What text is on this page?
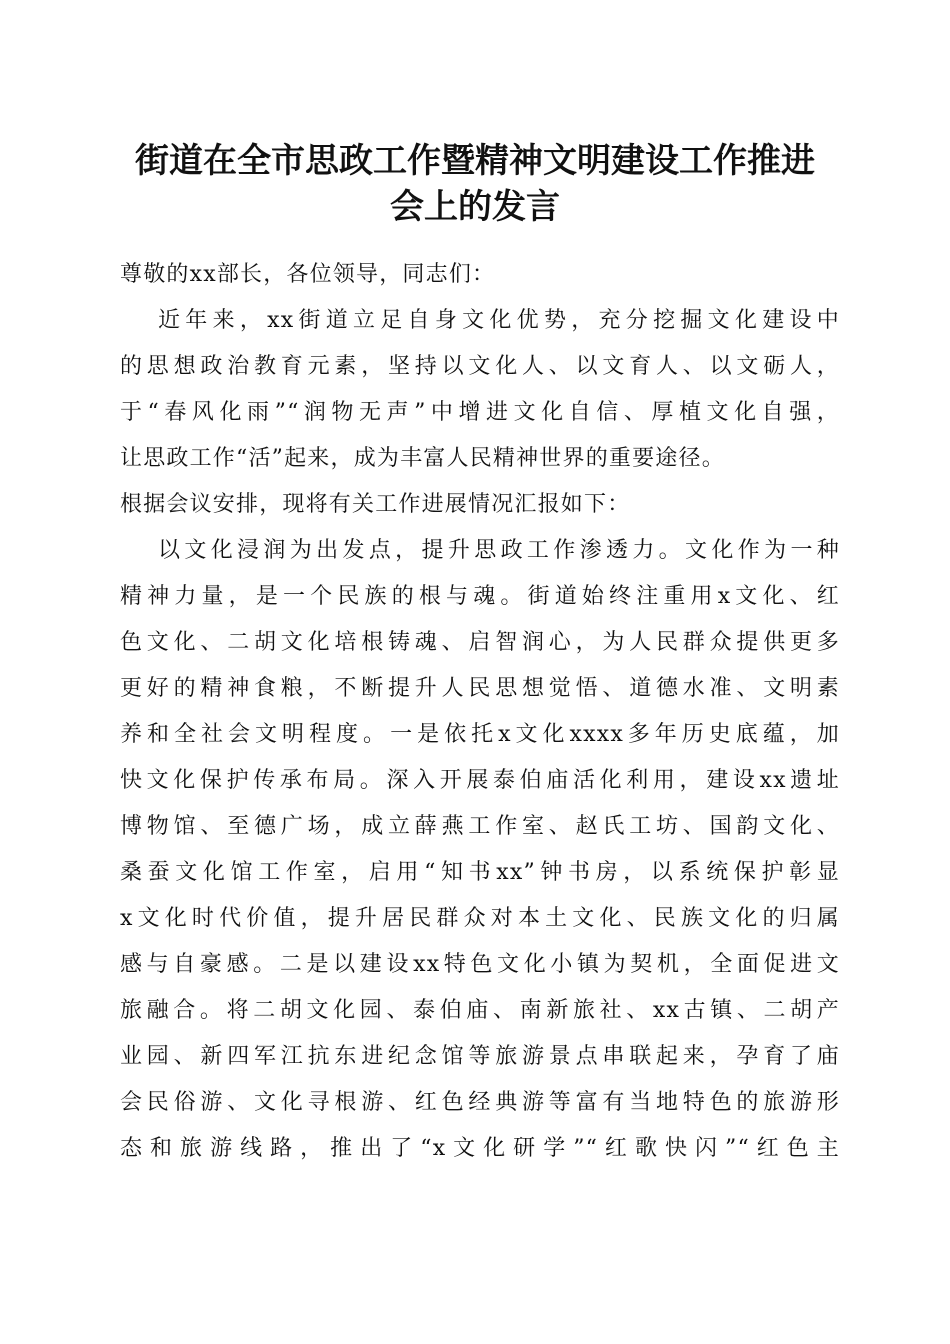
街道在全市思政工作暨精神文明建设工作推进
会上的发言
尊敬的xx部长，各位领导，同志们：
近年来，xx街道立足自身文化优势，充分挖掘文化建设中
的思想政治教育元素，坚持以文化人、以文育人、以文砺人，
于“春风化雨”“润物无声”中增进文化自信、厚植文化自强，
让思政工作“活”起来，成为丰富人民精神世界的重要途径。
根据会议安排，现将有关工作进展情况汇报如下：
以文化浸润为出发点，提升思政工作渗透力。文化作为一种
精神力量，是一个民族的根与魂。街道始终注重用x文化、红
色文化、二胡文化培根铸魂、启智润心，为人民群众提供更多
更好的精神食粮，不断提升人民思想觉悟、道德水准、文明素
养和全社会文明程度。一是依托x文化xxxx多年历史底蕴，加
快文化保护传承布局。深入开展泰伯庙活化利用，建设xx遗址
博物馆、至德广场，成立薛燕工作室、赵氏工坊、国韵文化、
桑蚕文化馆工作室，启用“知书xx”钟书房，以系统保护彰显
x文化时代价值，提升居民群众对本土文化、民族文化的归属
感与自豪感。二是以建设xx特色文化小镇为契机，全面促进文
旅融合。将二胡文化园、泰伯庙、南新旅社、xx古镇、二胡产
业园、新四军江抗东进纪念馆等旅游景点串联起来，孕育了庙
会民俗游、文化寻根游、红色经典游等富有当地特色的旅游形
态和旅游线路，推出了“x文化研学”“红歌快闪”“红色主
